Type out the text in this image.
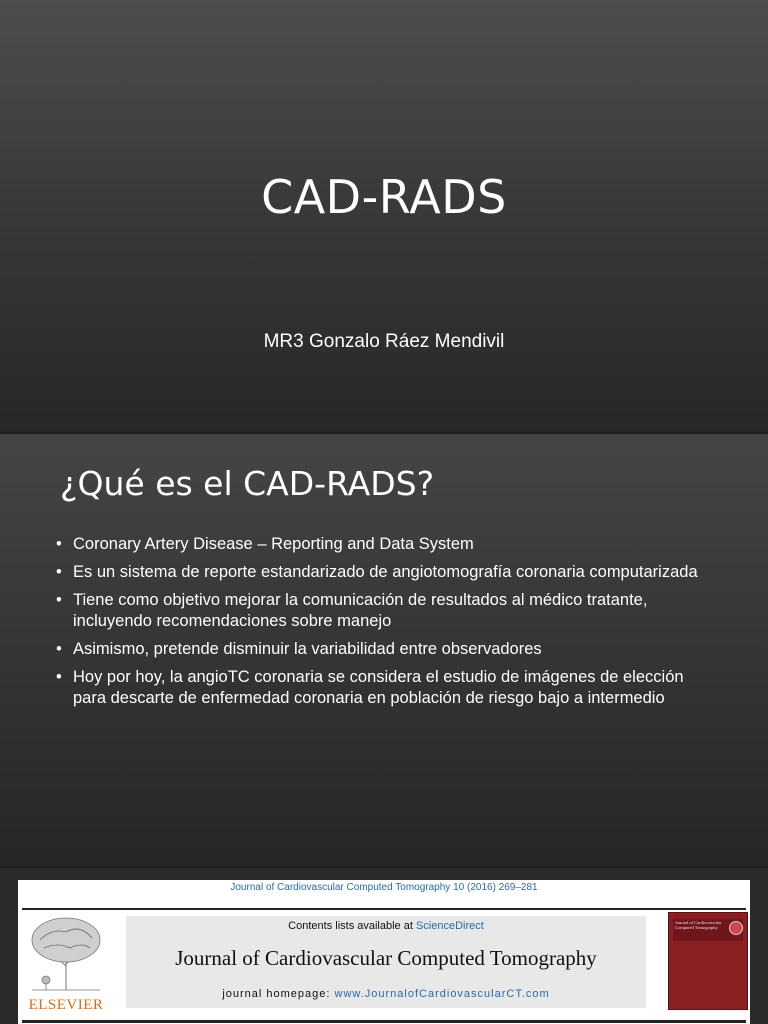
CAD-RADS
MR3 Gonzalo Ráez Mendivil
¿Qué es el CAD-RADS?
• Coronary Artery Disease – Reporting and Data System
• Es un sistema de reporte estandarizado de angiotomografía coronaria computarizada
• Tiene como objetivo mejorar la comunicación de resultados al médico tratante, incluyendo recomendaciones sobre manejo
• Asimismo, pretende disminuir la variabilidad entre observadores
• Hoy por hoy, la angioTC coronaria se considera el estudio de imágenes de elección para descarte de enfermedad coronaria en población de riesgo bajo a intermedio
Journal of Cardiovascular Computed Tomography 10 (2016) 269–281
ELSEVIER
Contents lists available at ScienceDirect
Journal of Cardiovascular Computed Tomography
journal homepage: www.JournalofCardiovascularCT.com
Journal of Cardiovascular Computed Tomography
